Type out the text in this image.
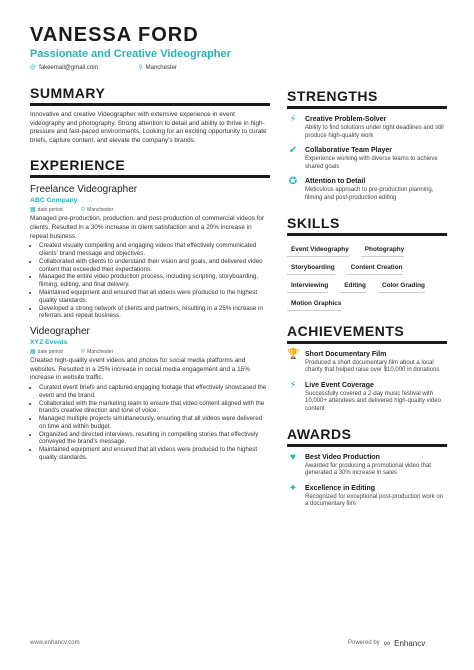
VANESSA FORD
Passionate and Creative Videographer
@ fakeemail@gmail.com	⚲ Manchester
SUMMARY
Innovative and creative Videographer with extensive experience in event videography and photography. Strong attention to detail and ability to thrive in high-pressure and fast-paced environments. Looking for an exciting opportunity to curate briefs, capture content, and elevate the company's brands.
EXPERIENCE
Freelance Videographer
ABC Company
▦ date period	⚲ Manchester
Managed pre-production, production, and post-production of commercial videos for clients. Resulted in a 30% increase in client satisfaction and a 20% increase in repeat business.
• Created visually compelling and engaging videos that effectively communicated clients' brand message and objectives.
• Collaborated with clients to understand their vision and goals, and delivered video content that exceeded their expectations.
• Managed the entire video production process, including scripting, storyboarding, filming, editing, and final delivery.
• Maintained equipment and ensured that all videos were produced to the highest quality standards.
• Developed a strong network of clients and partners, resulting in a 25% increase in referrals and repeat business.
Videographer
XYZ Events
▦ date period	⚲ Manchester
Created high-quality event videos and photos for social media platforms and websites. Resulted in a 25% increase in social media engagement and a 15% increase in website traffic.
• Curated event briefs and captured engaging footage that effectively showcased the event and the brand.
• Collaborated with the marketing team to ensure that video content aligned with the brand's creative direction and tone of voice.
• Managed multiple projects simultaneously, ensuring that all videos were delivered on time and within budget.
• Organized and directed interviews, resulting in compelling stories that effectively conveyed the brand's message.
• Maintained equipment and ensured that all videos were produced to the highest quality standards.
STRENGTHS
⚡	Creative Problem-Solver
Ability to find solutions under tight deadlines and still produce high-quality work
✔ Collaborative Team Player
Experience working with diverse teams to achieve shared goals
✪ Attention to Detail
Meticulous approach to pre-production planning, filming and post-production editing
SKILLS
Event Videography	Photography
Storyboarding	Content Creation
Interviewing	Editing	Color Grading
Motion Graphics
ACHIEVEMENTS
🏆 Short Documentary Film
Produced a short documentary film about a local charity that helped raise over $10,000 in donations
⚡	Live Event Coverage
Successfully covered a 2-day music festival with 10,000+ attendees and delivered high-quality video content
AWARDS
♥	Best Video Production
Awarded for producing a promotional video that generated a 30% increase in sales
✦ Excellence in Editing
Recognized for exceptional post-production work on a documentary film
www.enhancv.com	Powered by ∞ Enhancv
